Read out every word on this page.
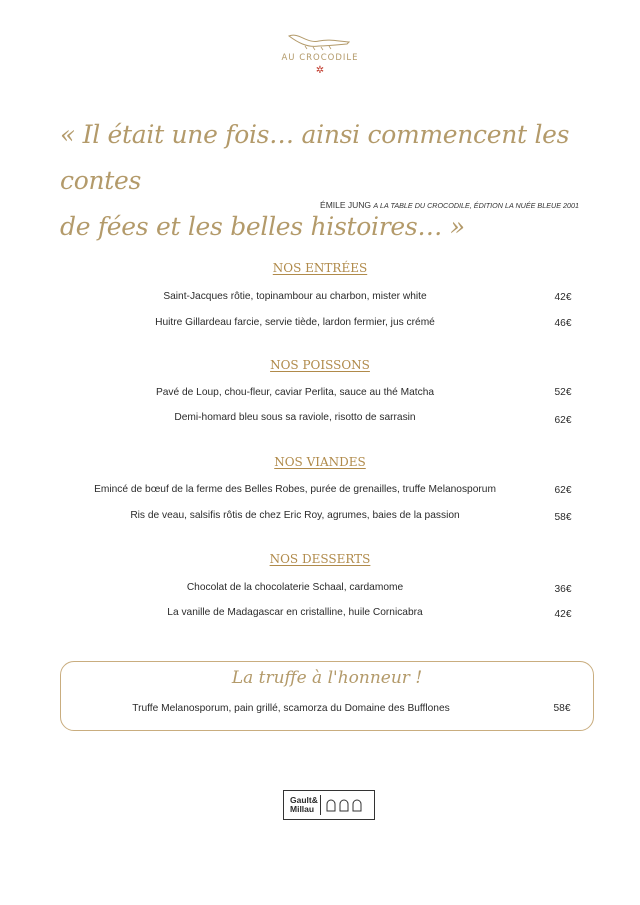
AU CROCODILE
✲
« Il était une fois… ainsi commencent les contes
de fées et les belles histoires… »
ÉMILE JUNG A LA TABLE DU CROCODILE, ÉDITION LA NUÉE BLEUE 2001
NOS ENTRÉES
Saint-Jacques rôtie, topinambour au charbon, mister white	42€
Huitre Gillardeau farcie, servie tiède, lardon fermier, jus crémé	46€
NOS POISSONS
Pavé de Loup, chou-fleur, caviar Perlita, sauce au thé Matcha	52€
Demi-homard bleu sous sa raviole, risotto de sarrasin	62€
NOS VIANDES
Emincé de bœuf de la ferme des Belles Robes, purée de grenailles, truffe Melanosporum	62€
Ris de veau, salsifis rôtis de chez Eric Roy, agrumes, baies de la passion	58€
NOS DESSERTS
Chocolat de la chocolaterie Schaal, cardamome	36€
La vanille de Madagascar en cristalline, huile Cornicabra	42€
La truffe à l'honneur !
Truffe Melanosporum, pain grillé, scamorza du Domaine des Bufflones	58€
Gault&
Millau
